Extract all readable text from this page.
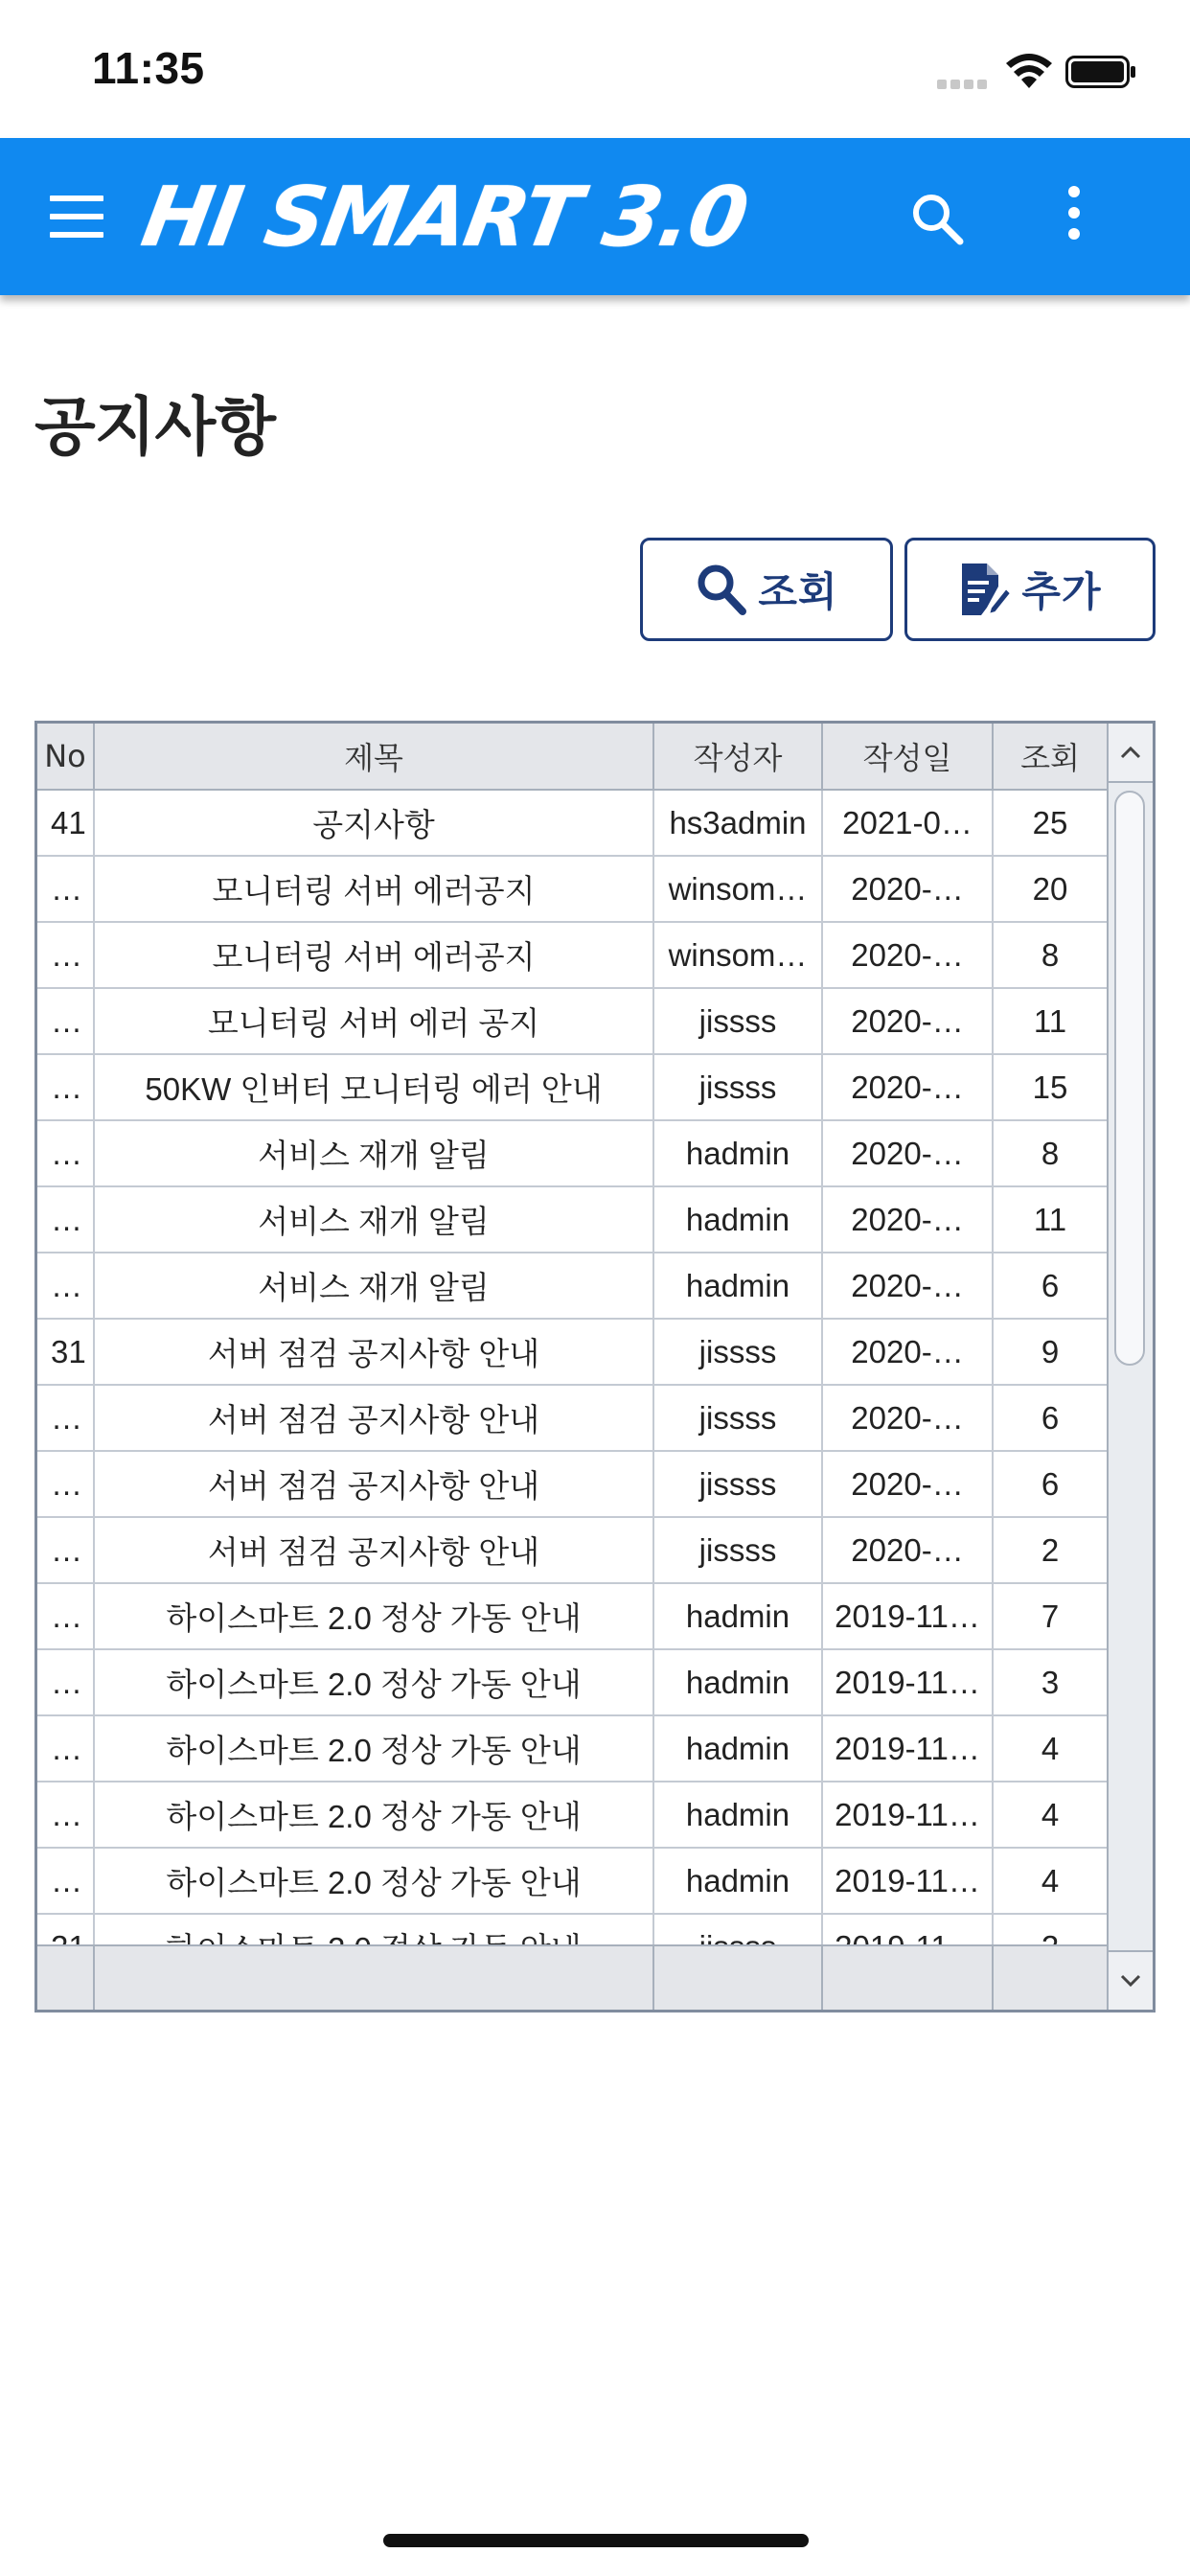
11:35
HI SMART 3.0
공지사항
조회	추가
No	제목	작성자	작성일	조회
41	공지사항	hs3admin	2021-0…	25
…	모니터링 서버 에러공지	winsom…	2020-…	20
…	모니터링 서버 에러공지	winsom…	2020-…	8
…	모니터링 서버 에러 공지	jissss	2020-…	11
…	50KW 인버터 모니터링 에러 안내	jissss	2020-…	15
…	서비스 재개 알림	hadmin	2020-…	8
…	서비스 재개 알림	hadmin	2020-…	11
…	서비스 재개 알림	hadmin	2020-…	6
31	서버 점검 공지사항 안내	jissss	2020-…	9
…	서버 점검 공지사항 안내	jissss	2020-…	6
…	서버 점검 공지사항 안내	jissss	2020-…	6
…	서버 점검 공지사항 안내	jissss	2020-…	2
…	하이스마트 2.0 정상 가동 안내	hadmin	2019-11…	7
…	하이스마트 2.0 정상 가동 안내	hadmin	2019-11…	3
…	하이스마트 2.0 정상 가동 안내	hadmin	2019-11…	4
…	하이스마트 2.0 정상 가동 안내	hadmin	2019-11…	4
…	하이스마트 2.0 정상 가동 안내	hadmin	2019-11…	4
